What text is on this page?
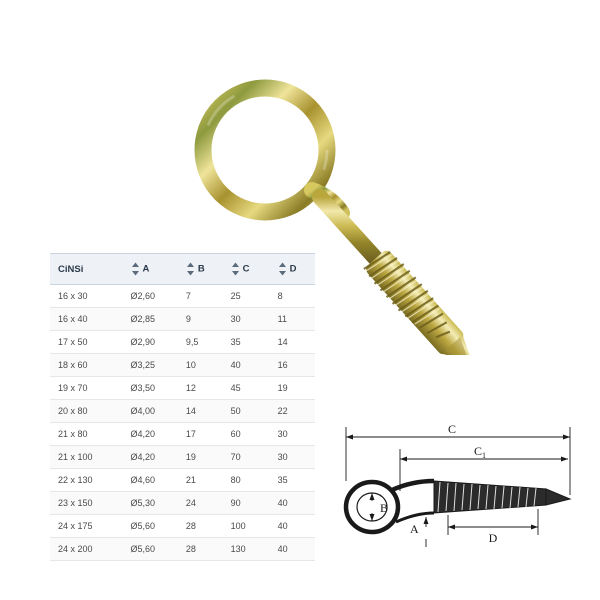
CiNSi	A	B	C	D
16 x 30	Ø2,60	7	25	8
16 x 40	Ø2,85	9	30	11
17 x 50	Ø2,90	9,5	35	14
18 x 60	Ø3,25	10	40	16
19 x 70	Ø3,50	12	45	19
20 x 80	Ø4,00	14	50	22
21 x 80	Ø4,20	17	60	30
21 x 100	Ø4,20	19	70	30
22 x 130	Ø4,60	21	80	35
23 x 150	Ø5,30	24	90	40
24 x 175	Ø5,60	28	100	40
24 x 200	Ø5,60	28	130	40
C
$C_1$
B
A
D
